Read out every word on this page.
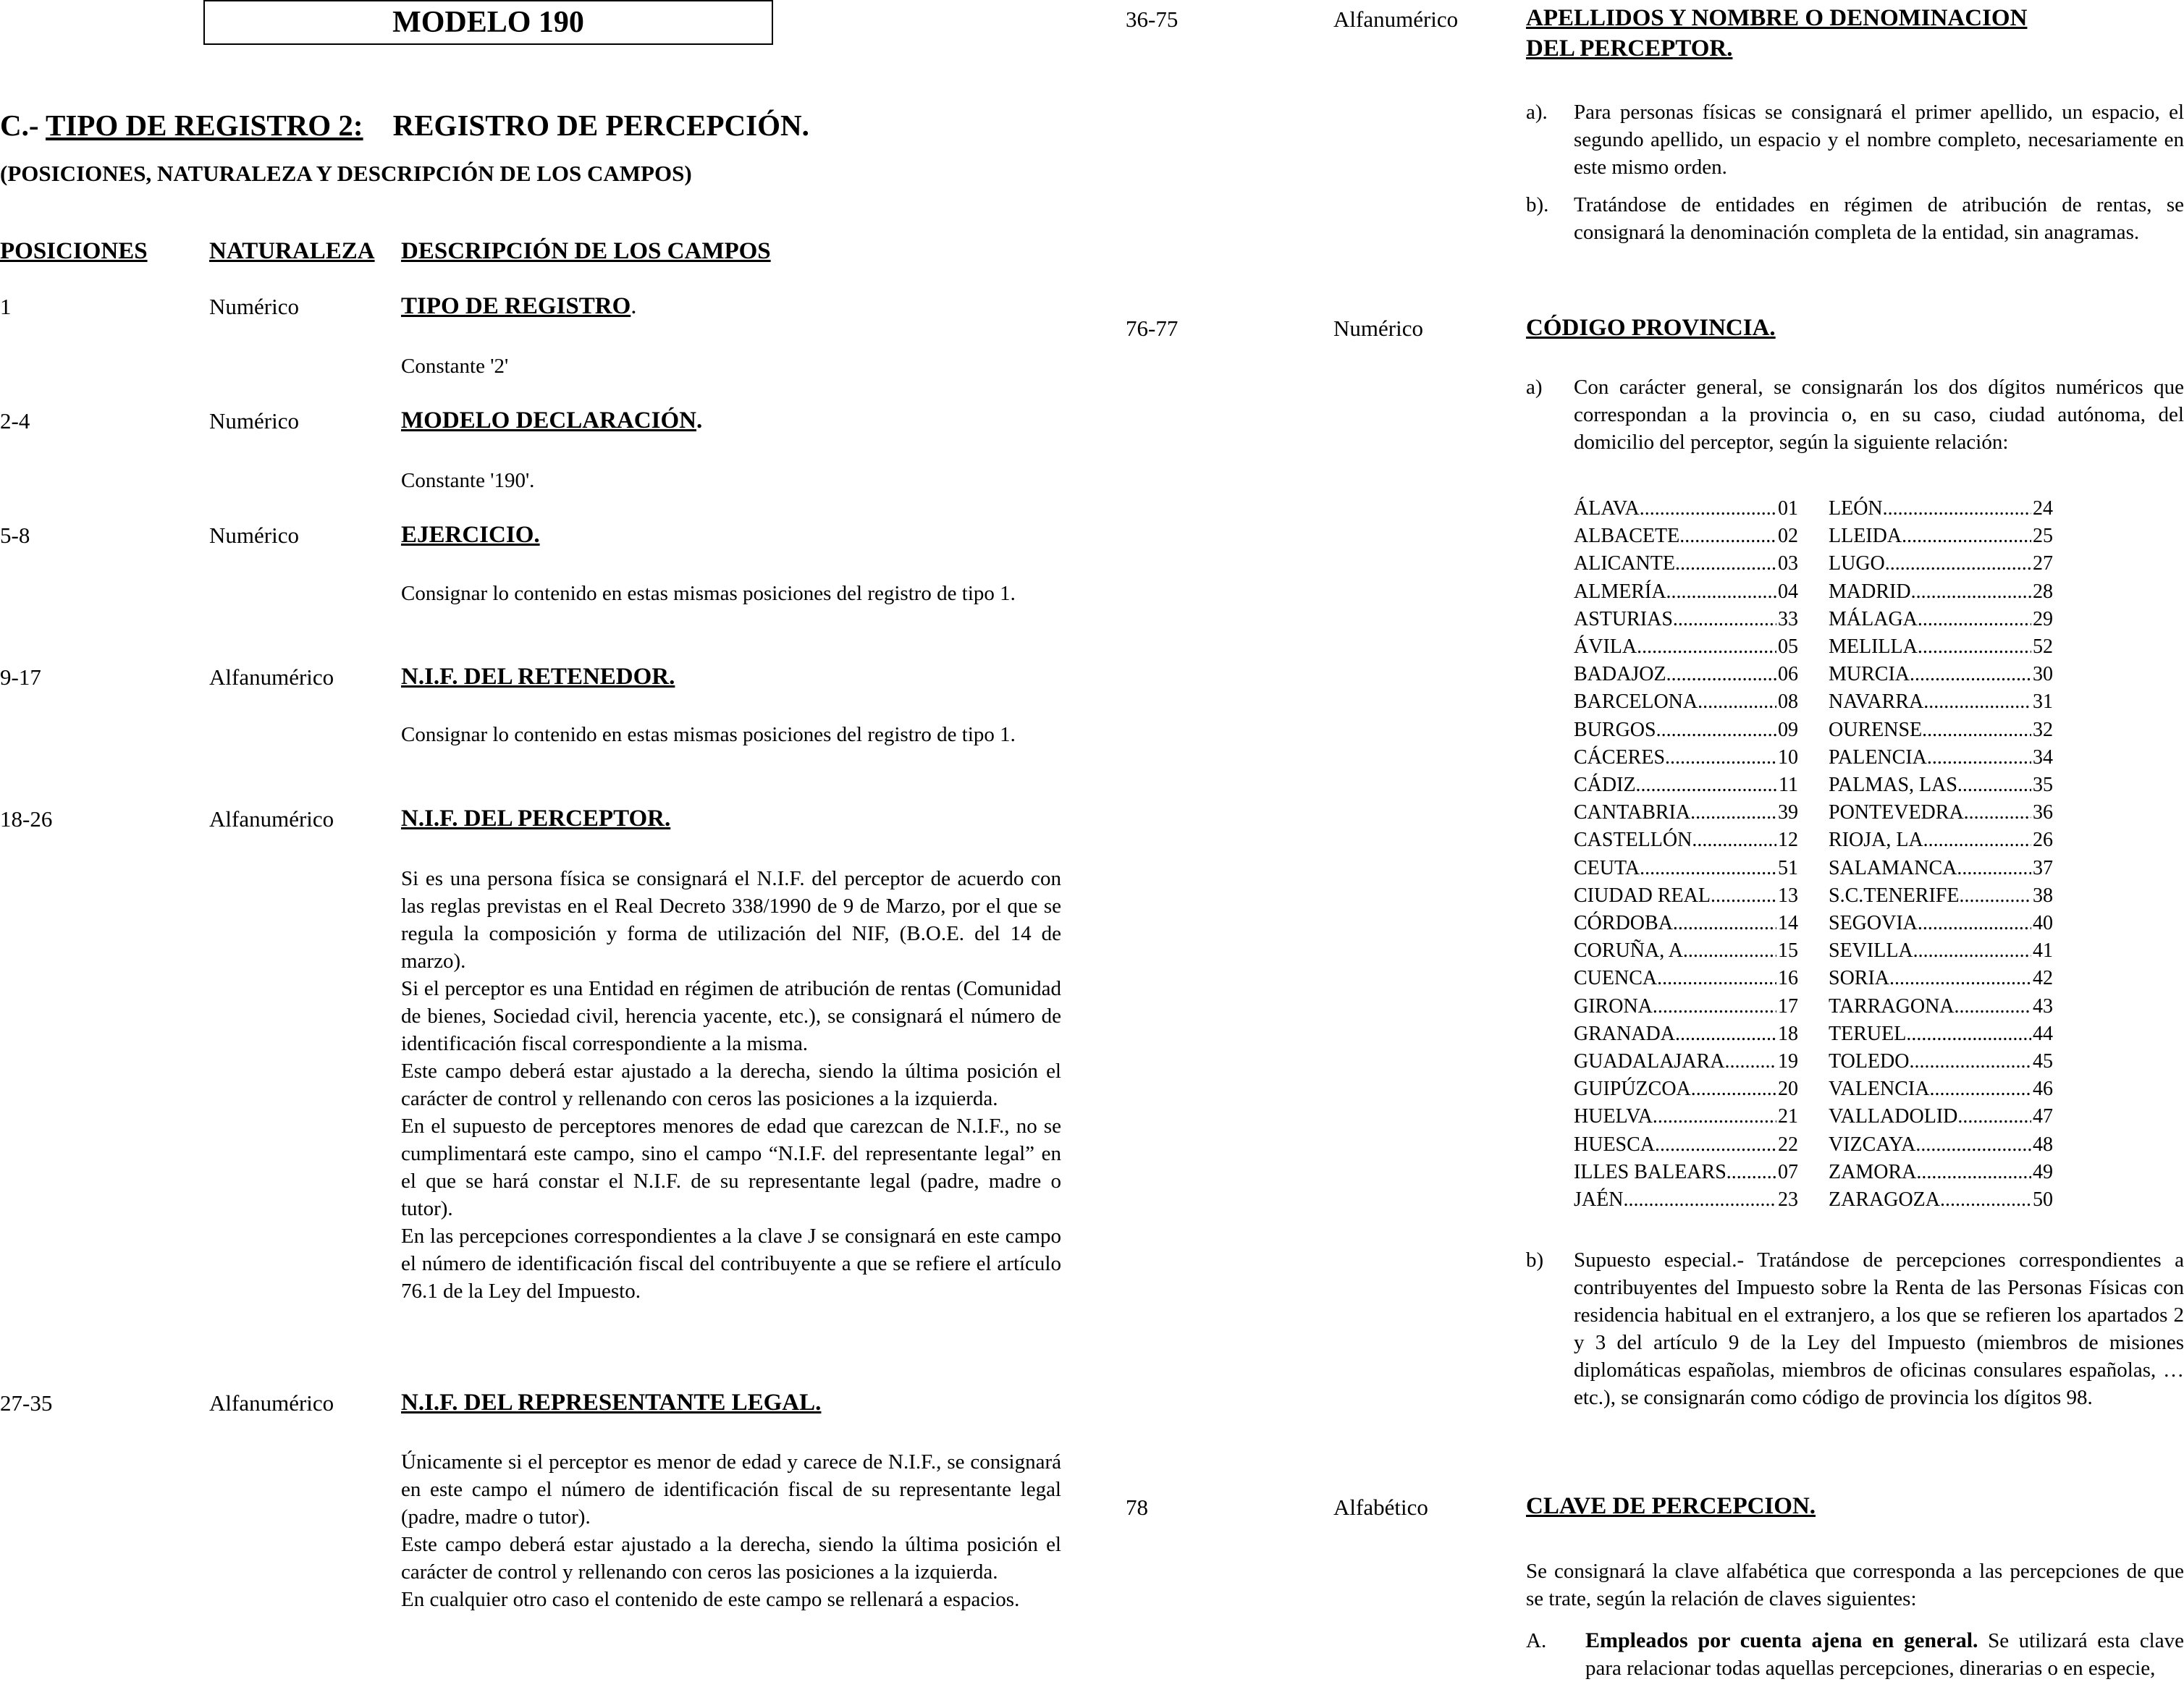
MODELO 190
C.- TIPO DE REGISTRO 2: REGISTRO DE PERCEPCIÓN.
(POSICIONES, NATURALEZA Y DESCRIPCIÓN DE LOS CAMPOS)
POSICIONES	NATURALEZA DESCRIPCIÓN DE LOS CAMPOS
1	Numérico	TIPO DE REGISTRO.
Constante '2'
2-4	Numérico	MODELO DECLARACIÓN.
Constante '190'.
5-8	Numérico	EJERCICIO.
Consignar lo contenido en estas mismas posiciones del registro de tipo 1.
9-17	Alfanumérico	N.I.F. DEL RETENEDOR.
Consignar lo contenido en estas mismas posiciones del registro de tipo 1.
18-26	Alfanumérico	N.I.F. DEL PERCEPTOR.
Si es una persona física se consignará el N.I.F. del perceptor de acuerdo con las reglas previstas en el Real Decreto 338/1990 de 9 de Marzo, por el que se regula la composición y forma de utilización del NIF, (B.O.E. del 14 de marzo).
Si el perceptor es una Entidad en régimen de atribución de rentas (Comunidad de bienes, Sociedad civil, herencia yacente, etc.), se consignará el número de identificación fiscal correspondiente a la misma.
Este campo deberá estar ajustado a la derecha, siendo la última posición el carácter de control y rellenando con ceros las posiciones a la izquierda.
En el supuesto de perceptores menores de edad que carezcan de N.I.F., no se cumplimentará este campo, sino el campo “N.I.F. del representante legal” en el que se hará constar el N.I.F. de su representante legal (padre, madre o tutor).
En las percepciones correspondientes a la clave J se consignará en este campo el número de identificación fiscal del contribuyente a que se refiere el artículo 76.1 de la Ley del Impuesto.
27-35	Alfanumérico	N.I.F. DEL REPRESENTANTE LEGAL.
Únicamente si el perceptor es menor de edad y carece de N.I.F., se consignará en este campo el número de identificación fiscal de su representante legal (padre, madre o tutor).
Este campo deberá estar ajustado a la derecha, siendo la última posición el carácter de control y rellenando con ceros las posiciones a la izquierda.
En cualquier otro caso el contenido de este campo se rellenará a espacios.
36-75	Alfanumérico	APELLIDOS Y NOMBRE O DENOMINACION
DEL PERCEPTOR.
a). Para personas físicas se consignará el primer apellido, un espacio, el segundo apellido, un espacio y el nombre completo, necesariamente en este mismo orden.
b). Tratándose de entidades en régimen de atribución de rentas, se consignará la denominación completa de la entidad, sin anagramas.
76-77	Numérico	CÓDIGO PROVINCIA.
a) Con carácter general, se consignarán los dos dígitos numéricos que correspondan a la provincia o, en su caso, ciudad autónoma, del domicilio del perceptor, según la siguiente relación:
ÁLAVA .....	01
ALBACETE .....	02
ALICANTE .....	03
ALMERÍA .....	04
ASTURIAS .....	33
ÁVILA .....	05
BADAJOZ .....	06
BARCELONA .....	08
BURGOS .....	09
CÁCERES .....	10
CÁDIZ .....	11
CANTABRIA .....	39
CASTELLÓN .....	12
CEUTA .....	51
CIUDAD REAL .....	13
CÓRDOBA .....	14
CORUÑA, A. .....	15
CUENCA .....	16
GIRONA .....	17
GRANADA .....	18
GUADALAJARA .....	19
GUIPÚZCOA .....	20
HUELVA .....	21
HUESCA .....	22
ILLES BALEARS .....	07
JAÉN .....	23
LEÓN .....	24
LLEIDA .....	25
LUGO .....	27
MADRID .....	28
MÁLAGA .....	29
MELILLA .....	52
MURCIA .....	30
NAVARRA .....	31
OURENSE .....	32
PALENCIA .....	34
PALMAS, LAS .....	35
PONTEVEDRA .....	36
RIOJA, LA .....	26
SALAMANCA .....	37
S.C.TENERIFE .....	38
SEGOVIA .....	40
SEVILLA .....	41
SORIA .....	42
TARRAGONA .....	43
TERUEL .....	44
TOLEDO .....	45
VALENCIA .....	46
VALLADOLID .....	47
VIZCAYA .....	48
ZAMORA .....	49
ZARAGOZA .....	50
b) Supuesto especial.- Tratándose de percepciones correspondientes a contribuyentes del Impuesto sobre la Renta de las Personas Físicas con residencia habitual en el extranjero, a los que se refieren los apartados 2 y 3 del artículo 9 de la Ley del Impuesto (miembros de misiones diplomáticas españolas, miembros de oficinas consulares españolas, … etc.), se consignarán como código de provincia los dígitos 98.
78	Alfabético	CLAVE DE PERCEPCION.
Se consignará la clave alfabética que corresponda a las percepciones de que se trate, según la relación de claves siguientes:
A. Empleados por cuenta ajena en general. Se utilizará esta clave para relacionar todas aquellas percepciones, dinerarias o en especie,
